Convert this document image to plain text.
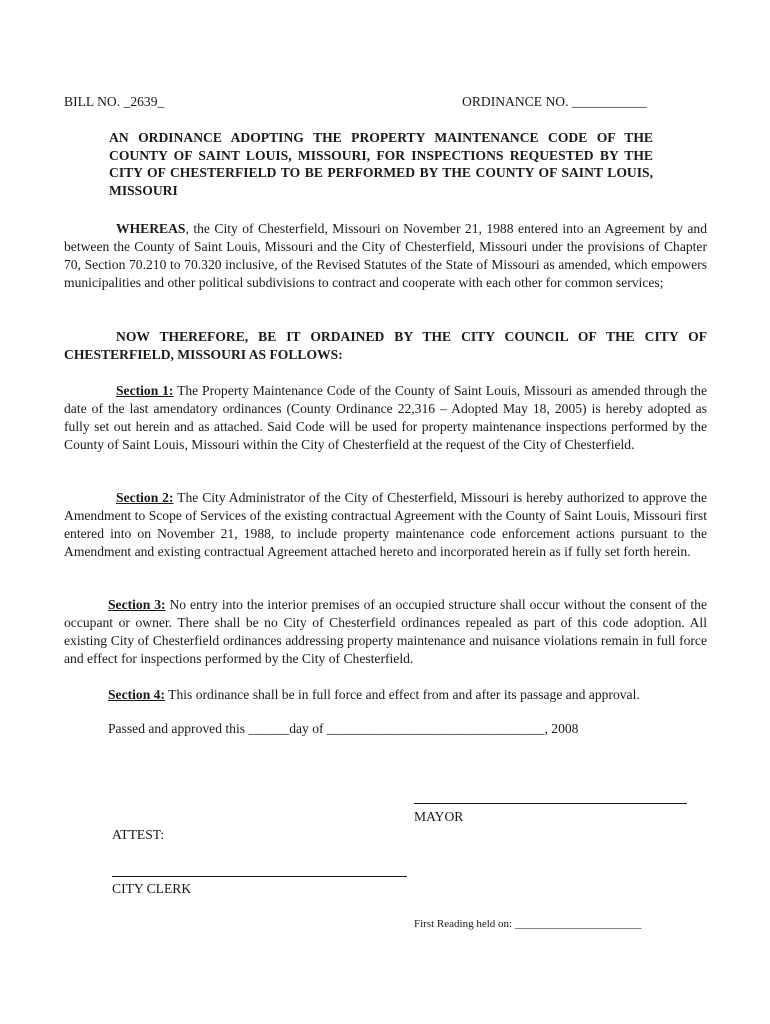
BILL NO. _2639_	ORDINANCE NO. ___________
AN ORDINANCE ADOPTING THE PROPERTY MAINTENANCE CODE OF THE COUNTY OF SAINT LOUIS, MISSOURI, FOR INSPECTIONS REQUESTED BY THE CITY OF CHESTERFIELD TO BE PERFORMED BY THE COUNTY OF SAINT LOUIS, MISSOURI
WHEREAS, the City of Chesterfield, Missouri on November 21, 1988 entered into an Agreement by and between the County of Saint Louis, Missouri and the City of Chesterfield, Missouri under the provisions of Chapter 70, Section 70.210 to 70.320 inclusive, of the Revised Statutes of the State of Missouri as amended, which empowers municipalities and other political subdivisions to contract and cooperate with each other for common services;
NOW THEREFORE, BE IT ORDAINED BY THE CITY COUNCIL OF THE CITY OF CHESTERFIELD, MISSOURI AS FOLLOWS:
Section 1: The Property Maintenance Code of the County of Saint Louis, Missouri as amended through the date of the last amendatory ordinances (County Ordinance 22,316 – Adopted May 18, 2005) is hereby adopted as fully set out herein and as attached. Said Code will be used for property maintenance inspections performed by the County of Saint Louis, Missouri within the City of Chesterfield at the request of the City of Chesterfield.
Section 2: The City Administrator of the City of Chesterfield, Missouri is hereby authorized to approve the Amendment to Scope of Services of the existing contractual Agreement with the County of Saint Louis, Missouri first entered into on November 21, 1988, to include property maintenance code enforcement actions pursuant to the Amendment and existing contractual Agreement attached hereto and incorporated herein as if fully set forth herein.
Section 3: No entry into the interior premises of an occupied structure shall occur without the consent of the occupant or owner. There shall be no City of Chesterfield ordinances repealed as part of this code adoption. All existing City of Chesterfield ordinances addressing property maintenance and nuisance violations remain in full force and effect for inspections performed by the City of Chesterfield.
Section 4: This ordinance shall be in full force and effect from and after its passage and approval.
Passed and approved this ______day of ________________________________, 2008
MAYOR
ATTEST:
CITY CLERK
First Reading held on: _______________________
